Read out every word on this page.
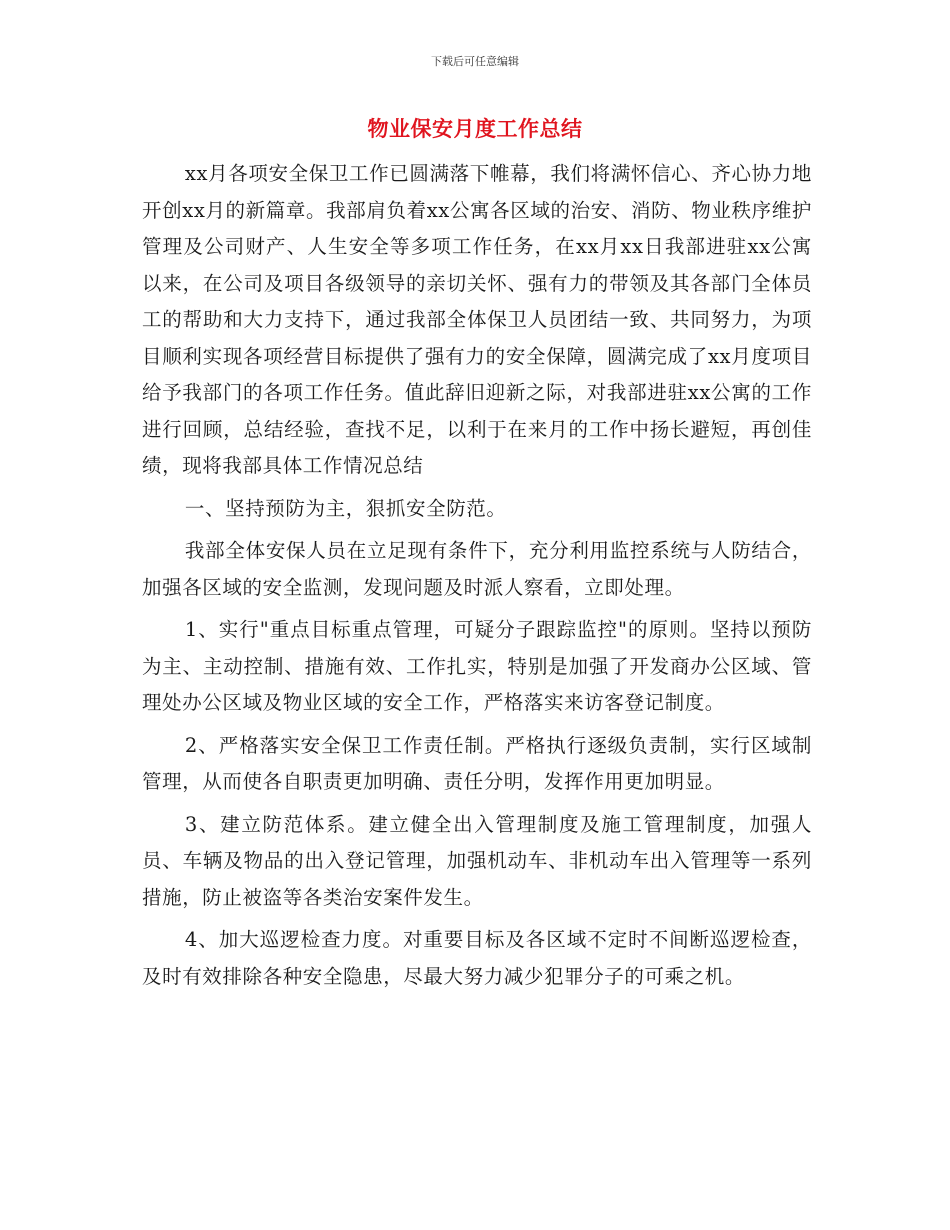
下载后可任意编辑
物业保安月度工作总结

xx月各项安全保卫工作已圆满落下帷幕，我们将满怀信心、齐心协力地开创xx月的新篇章。我部肩负着xx公寓各区域的治安、消防、物业秩序维护管理及公司财产、人生安全等多项工作任务，在xx月xx日我部进驻xx公寓以来，在公司及项目各级领导的亲切关怀、强有力的带领及其各部门全体员工的帮助和大力支持下，通过我部全体保卫人员团结一致、共同努力，为项目顺利实现各项经营目标提供了强有力的安全保障，圆满完成了xx月度项目给予我部门的各项工作任务。值此辞旧迎新之际，对我部进驻xx公寓的工作进行回顾，总结经验，查找不足，以利于在来月的工作中扬长避短，再创佳绩，现将我部具体工作情况总结

一、坚持预防为主，狠抓安全防范。

我部全体安保人员在立足现有条件下，充分利用监控系统与人防结合，加强各区域的安全监测，发现问题及时派人察看，立即处理。

1、实行"重点目标重点管理，可疑分子跟踪监控"的原则。坚持以预防为主、主动控制、措施有效、工作扎实，特别是加强了开发商办公区域、管理处办公区域及物业区域的安全工作，严格落实来访客登记制度。

2、严格落实安全保卫工作责任制。严格执行逐级负责制，实行区域制管理，从而使各自职责更加明确、责任分明，发挥作用更加明显。

3、建立防范体系。建立健全出入管理制度及施工管理制度，加强人员、车辆及物品的出入登记管理，加强机动车、非机动车出入管理等一系列措施，防止被盗等各类治安案件发生。

4、加大巡逻检查力度。对重要目标及各区域不定时不间断巡逻检查，及时有效排除各种安全隐患，尽最大努力减少犯罪分子的可乘之机。
